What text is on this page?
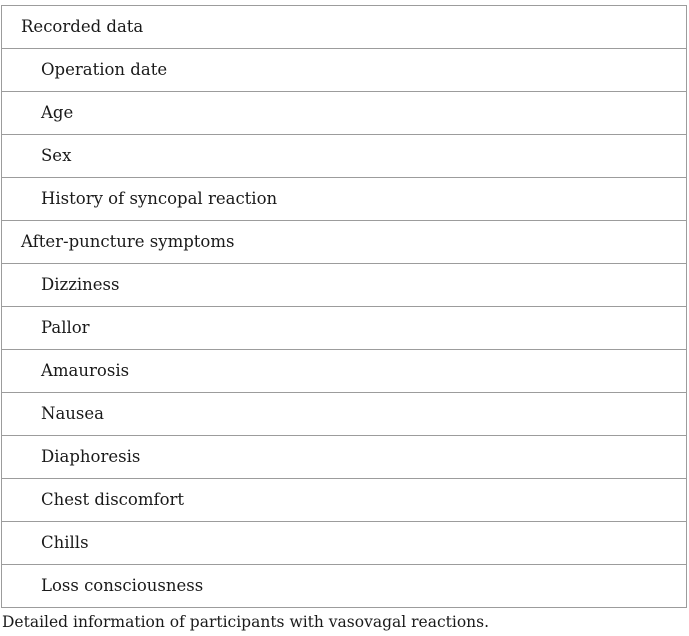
Recorded data
Operation date
Age
Sex
History of syncopal reaction
After-puncture symptoms
Dizziness
Pallor
Amaurosis
Nausea
Diaphoresis
Chest discomfort
Chills
Loss consciousness
Detailed information of participants with vasovagal reactions.
